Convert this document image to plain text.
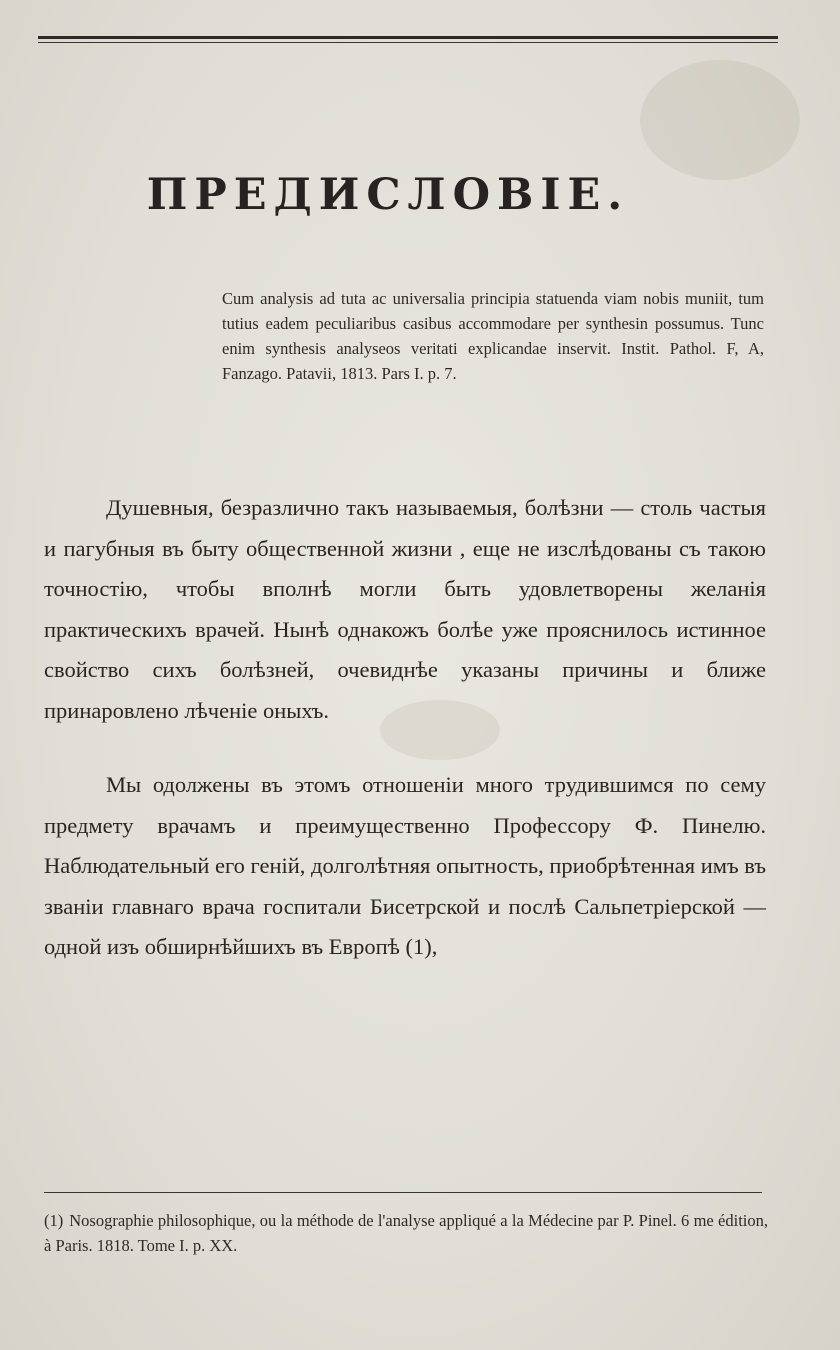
ПРЕДИСЛОВІЕ.
Cum analysis ad tuta ac universalia principia statuenda viam nobis muniit, tum tutius eadem peculiaribus casibus accommodare per synthesin possumus. Tunc enim synthesis analyseos veritati explicandae inservit. Instit. Pathol. F, A, Fanzago. Patavii, 1813. Pars I. p. 7.

Душевныя, безразлично такъ называемыя, болѣзни — столь частыя и пагубныя въ быту общественной жизни , еще не изслѣдованы съ такою точностію, чтобы вполнѣ могли быть удовлетворены желанія практическихъ врачей. Нынѣ однакожъ болѣе уже прояснилось истинное свойство сихъ болѣзней, очевиднѣе указаны причины и ближе принаровлено лѣченіе оныхъ.

Мы одолжены въ этомъ отношеніи много трудившимся по сему предмету врачамъ и преимущественно Профессору Ф. Пинелю. Наблюдательный его геній, долголѣтняя опытность, приобрѣтенная имъ въ званіи главнаго врача госпитали Бисетрской и послѣ Сальпетріерской — одной изъ обширнѣйшихъ въ Европѣ (1),

(1) Nosographie philosophique, ou la méthode de l'analyse appliqué a la Médecine par P. Pinel. 6 me édition, à Paris. 1818. Tome I. p. XX.
